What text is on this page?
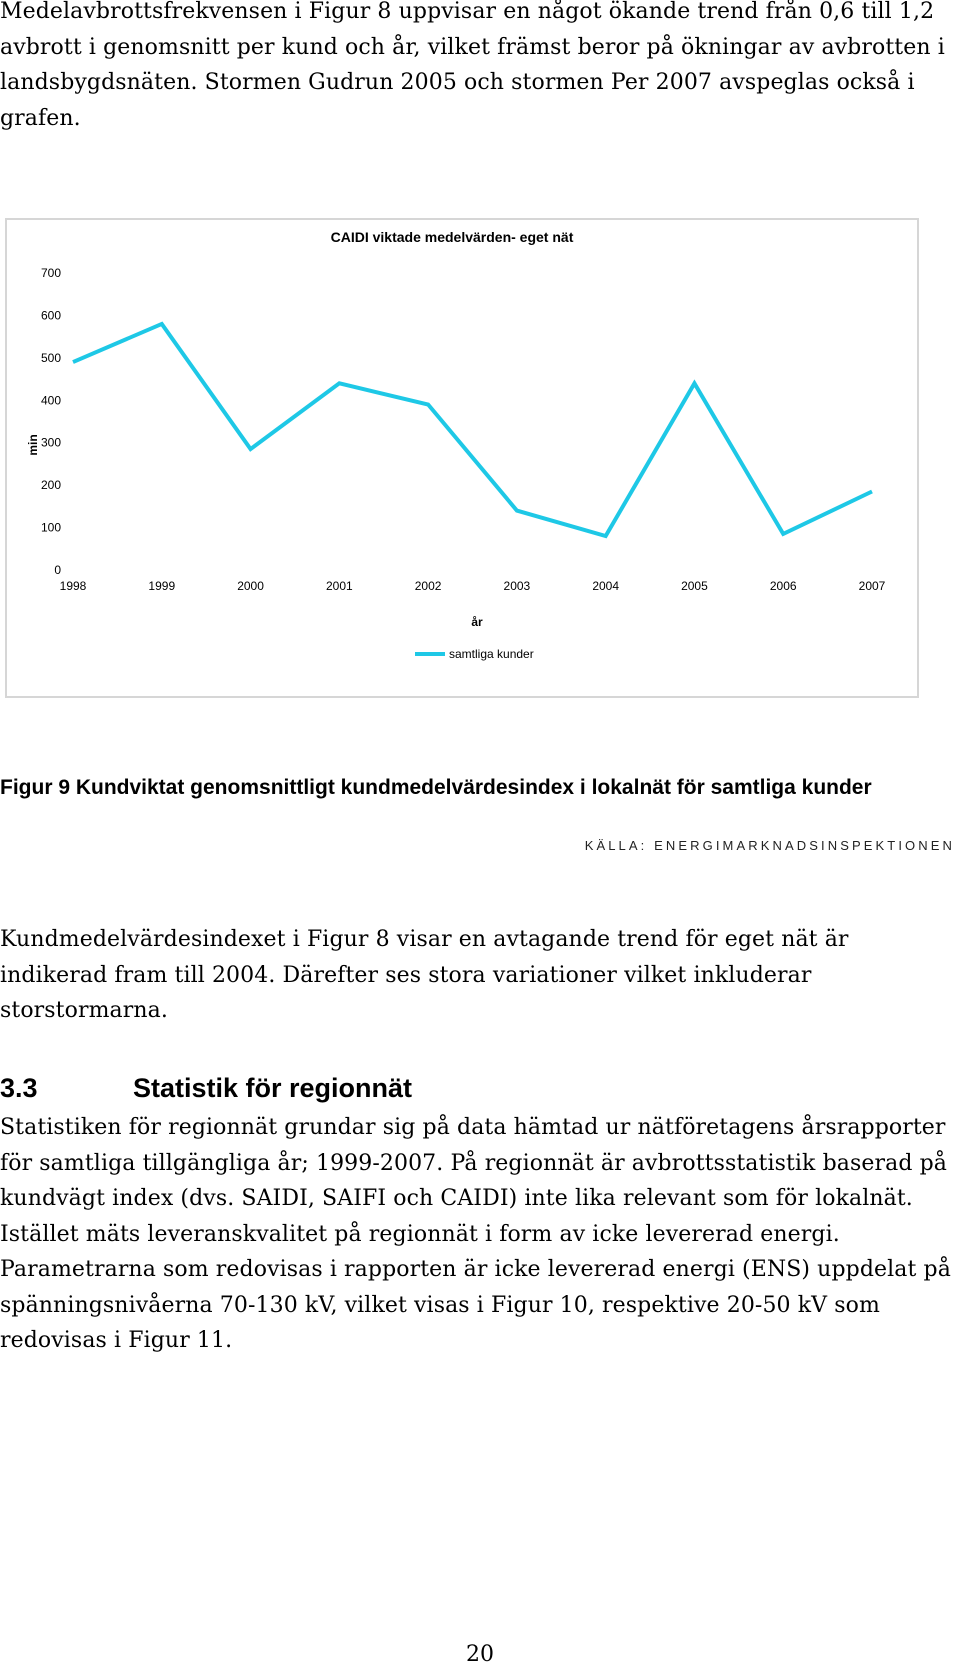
Medelavbrottsfrekvensen i Figur 8 uppvisar en något ökande trend från 0,6 till 1,2 avbrott i genomsnitt per kund och år, vilket främst beror på ökningar av avbrotten i landsbygdsnäten. Stormen Gudrun 2005 och stormen Per 2007 avspeglas också i grafen.

CAIDI viktade medelvärden- eget nät
min
år
0
100
200
300
400
500
600
700
1998	1999	2000	2001	2002	2003	2004	2005	2006	2007
samtliga kunder

Figur 9 Kundviktat genomsnittligt kundmedelvärdesindex i lokalnät för samtliga kunder

KÄLLA: ENERGIMARKNADSINSPEKTIONEN

Kundmedelvärdesindexet i Figur 8 visar en avtagande trend för eget nät är indikerad fram till 2004. Därefter ses stora variationer vilket inkluderar storstormarna.

3.3	Statistik för regionnät

Statistiken för regionnät grundar sig på data hämtad ur nätföretagens årsrapporter för samtliga tillgängliga år; 1999-2007. På regionnät är avbrottsstatistik baserad på kundvägt index (dvs. SAIDI, SAIFI och CAIDI) inte lika relevant som för lokalnät. Istället mäts leveranskvalitet på regionnät i form av icke levererad energi. Parametrarna som redovisas i rapporten är icke levererad energi (ENS) uppdelat på spänningsnivåerna 70-130 kV, vilket visas i Figur 10, respektive 20-50 kV som redovisas i Figur 11.

20
